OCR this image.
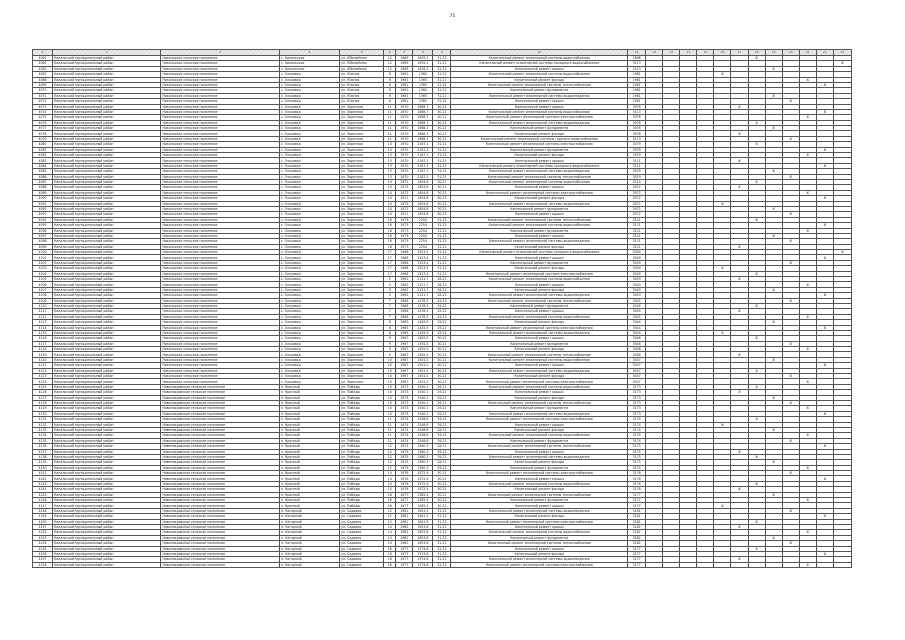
75
1	2	3	4	5	6	7	8	9	10	11	12	13	14	15	16	17	18	19	20	21	22	23
4061	Канальский муниципальный район	Никольское сельское поселение	с. Никольское	ул. Юбилейная	12	1969	1635.1	31.22	Капитальный ремонт инженерной системы водоснабжения	1898							X					
4062	Канальский муниципальный район	Никольское сельское поселение	с. Никольское	ул. Юбилейная	12	1969	1635.1	31.22	Капитальный ремонт инженерной системы холодного водоснабжения	3213												X
4063	Канальский муниципальный район	Никольское сельское поселение	с. Никольское	ул. Юбилейная	12	1969	1628.1	31.22	Капитальный ремонт крыши	3213								X				
4067	Канальский муниципальный район	Никольское сельское поселение	с. Ольховка	ул. Южная	6	1961	1365	31.22	Капитальный ремонт инженерной системы водоснабжения	1961					X							
4068	Канальский муниципальный район	Никольское сельское поселение	с. Ольховка	ул. Южная	6	1961	1365	31.22	Капитальный ремонт фасада	1961										X		
4069	Канальский муниципальный район	Никольское сельское поселение	с. Ольховка	ул. Южная	6	1961	1365	31.22	Капитальный ремонт инженерной системы теплоснабжения	1961											X	
4070	Канальский муниципальный район	Никольское сельское поселение	с. Ольховка	ул. Южная	6	1961	1365	31.22	Капитальный ремонт фундамента	1961												
4071	Канальский муниципальный район	Никольское сельское поселение	с. Ольховка	ул. Южная	6	1961	1365	31.22	Капитальный ремонт инженерной системы водоотведения	1961								X				
4072	Канальский муниципальный район	Никольское сельское поселение	с. Ольховка	ул. Южная	6	1961	1365	31.22	Капитальный ремонт крыши	1961									X			
4073	Канальский муниципальный район	Никольское сельское поселение	с. Ольховка	ул. Заречная	11	1970	1668.7	30.22	Капитальный ремонт крыши	3076						X						
4074	Канальский муниципальный район	Никольское сельское поселение	с. Ольховка	ул. Заречная	11	1970	1668.7	30.22	Капитальный ремонт инженерной системы водоснабжения	3113											X	
4075	Канальский муниципальный район	Никольское сельское поселение	с. Ольховка	ул. Заречная	11	1970	1668.7	30.22	Капитальный ремонт инженерной системы электроснабжения	3076										X		
4076	Канальский муниципальный район	Никольское сельское поселение	с. Ольховка	ул. Заречная	11	1970	1668.7	30.22	Капитальный ремонт инженерной системы водоотведения	3076							X					
4077	Канальский муниципальный район	Никольское сельское поселение	с. Ольховка	ул. Заречная	11	1970	1668.7	30.22	Капитальный ремонт фундамента	3076								X				
4078	Канальский муниципальный район	Никольское сельское поселение	с. Ольховка	ул. Заречная	11	1970	1668.7	30.22	Капитальный ремонт фасада	3076						X						
4079	Канальский муниципальный район	Никольское сельское поселение	с. Ольховка	ул. Заречная	11	1970	1668.7	30.22	Капитальный ремонт инженерной системы горячего водоснабжения	3113									X			
4080	Канальский муниципальный район	Никольское сельское поселение	с. Ольховка	ул. Заречная	13	1970	2167.1	31.22	Капитальный ремонт инженерной системы электроснабжения	3079							X					
4081	Канальский муниципальный район	Никольское сельское поселение	с. Ольховка	ул. Заречная	13	1970	2167.1	31.22	Капитальный ремонт фундамента	3079											X	
4082	Канальский муниципальный район	Никольское сельское поселение	с. Ольховка	ул. Заречная	13	1970	2167.1	31.22	Капитальный ремонт фасада	3079										X		
4083	Канальский муниципальный район	Никольское сельское поселение	с. Ольховка	ул. Заречная	13	1970	2167.1	31.22	Капитальный ремонт крыши	3111						X						
4084	Канальский муниципальный район	Никольское сельское поселение	с. Ольховка	ул. Заречная	13	1970	2167.1	31.22	Капитальный ремонт инженерной системы холодного водоснабжения	3111											X	
4085	Канальский муниципальный район	Никольское сельское поселение	с. Ольховка	ул. Заречная	13	1970	2167.1	31.22	Капитальный ремонт инженерной системы водоотведения	3079								X				
4086	Канальский муниципальный район	Никольское сельское поселение	с. Ольховка	ул. Заречная	13	1970	2167.1	31.22	Капитальный ремонт инженерной системы теплоснабжения	3079									X			
4087	Канальский муниципальный район	Никольское сельское поселение	с. Ольховка	ул. Заречная	14	1972	1654.8	30.22	Капитальный ремонт инженерной системы водоснабжения	3114							X					
4088	Канальский муниципальный район	Никольское сельское поселение	с. Ольховка	ул. Заречная	14	1972	1654.8	30.22	Капитальный ремонт крыши	3072						X						
4089	Канальский муниципальный район	Никольское сельское поселение	с. Ольховка	ул. Заречная	14	1972	1654.8	30.22	Капитальный ремонт инженерной системы электроснабжения	3072										X		
4090	Канальский муниципальный район	Никольское сельское поселение	с. Ольховка	ул. Заречная	14	1972	1654.8	30.22	Капитальный ремонт фасада	3072											X	
4091	Канальский муниципальный район	Никольское сельское поселение	с. Ольховка	ул. Заречная	14	1972	1654.8	30.22	Капитальный ремонт инженерной системы водоотведения	3072					X							
4092	Канальский муниципальный район	Никольское сельское поселение	с. Ольховка	ул. Заречная	14	1972	1654.8	30.22	Капитальный ремонт фундамента	3072								X				
4093	Канальский муниципальный район	Никольское сельское поселение	с. Ольховка	ул. Заречная	14	1972	1654.8	30.22	Капитальный ремонт крыши	3072									X			
4094	Канальский муниципальный район	Никольское сельское поселение	с. Ольховка	ул. Заречная	16	1973	2254	31.22	Капитальный ремонт инженерной системы теплоснабжения	3121							X					
4095	Канальский муниципальный район	Никольское сельское поселение	с. Ольховка	ул. Заречная	16	1973	2254	31.22	Капитальный ремонт инженерной системы водоснабжения	3121											X	
4096	Канальский муниципальный район	Никольское сельское поселение	с. Ольховка	ул. Заречная	16	1973	2254	31.22	Капитальный ремонт фундамента	3121										X		
4097	Канальский муниципальный район	Никольское сельское поселение	с. Ольховка	ул. Заречная	16	1973	2254	31.22	Капитальный ремонт крыши	3121								X				
4098	Канальский муниципальный район	Никольское сельское поселение	с. Ольховка	ул. Заречная	16	1973	2254	31.22	Капитальный ремонт инженерной системы водоотведения	3121									X			
4099	Канальский муниципальный район	Никольское сельское поселение	с. Ольховка	ул. Заречная	16	1973	2254	31.22	Капитальный ремонт фасада	3121						X						
4100	Канальский муниципальный район	Никольское сельское поселение	с. Ольховка	ул. Заречная	17	1968	1523.4	31.22	Капитальный ремонт инженерной системы холодного водоснабжения	3049												X
4101	Канальский муниципальный район	Никольское сельское поселение	с. Ольховка	ул. Заречная	17	1968	1523.4	31.22	Капитальный ремонт крыши	3049											X	
4102	Канальский муниципальный район	Никольское сельское поселение	с. Ольховка	ул. Заречная	17	1968	1523.4	31.22	Капитальный ремонт фундамента	3049									X			
4103	Канальский муниципальный район	Никольское сельское поселение	с. Ольховка	ул. Заречная	17	1968	1523.4	31.22	Капитальный ремонт фасада	3049					X							
4104	Канальский муниципальный район	Никольское сельское поселение	с. Ольховка	ул. Заречная	17	1968	1523.4	31.22	Капитальный ремонт инженерной системы электроснабжения	3049							X					
4105	Канальский муниципальный район	Никольское сельское поселение	с. Ольховка	ул. Заречная	5	1962	2121.7	28.22	Капитальный ремонт инженерной системы водоснабжения	3043						X						
4106	Канальский муниципальный район	Никольское сельское поселение	с. Ольховка	ул. Заречная	5	1962	2121.7	28.22	Капитальный ремонт крыши	3043										X		
4107	Канальский муниципальный район	Никольское сельское поселение	с. Ольховка	ул. Заречная	5	1962	2121.7	28.22	Капитальный ремонт фасада	3043								X				
4108	Канальский муниципальный район	Никольское сельское поселение	с. Ольховка	ул. Заречная	5	1962	2121.7	28.22	Капитальный ремонт инженерной системы водоотведения	3043											X	
4109	Канальский муниципальный район	Никольское сельское поселение	с. Ольховка	ул. Заречная	7	1966	1478.3	29.22	Капитальный ремонт инженерной системы теплоснабжения	3045									X			
4110	Канальский муниципальный район	Никольское сельское поселение	с. Ольховка	ул. Заречная	7	1966	1478.3	29.22	Капитальный ремонт фундамента	3045							X					
4111	Канальский муниципальный район	Никольское сельское поселение	с. Ольховка	ул. Заречная	7	1966	1478.3	29.22	Капитальный ремонт крыши	3045						X						
4112	Канальский муниципальный район	Никольское сельское поселение	с. Ольховка	ул. Заречная	7	1966	1478.3	29.22	Капитальный ремонт инженерной системы водоснабжения	3045										X		
4113	Канальский муниципальный район	Никольское сельское поселение	с. Ольховка	ул. Заречная	8	1965	1445.9	29.22	Капитальный ремонт фасада	3044								X				
4114	Канальский муниципальный район	Никольское сельское поселение	с. Ольховка	ул. Заречная	8	1965	1445.9	29.22	Капитальный ремонт инженерной системы электроснабжения	3044											X	
4115	Канальский муниципальный район	Никольское сельское поселение	с. Ольховка	ул. Заречная	8	1965	1445.9	29.22	Капитальный ремонт инженерной системы водоотведения	3044					X							
4116	Канальский муниципальный район	Никольское сельское поселение	с. Ольховка	ул. Заречная	9	1967	1492.5	30.22	Капитальный ремонт крыши	3046							X					
4117	Канальский муниципальный район	Никольское сельское поселение	с. Ольховка	ул. Заречная	9	1967	1492.5	30.22	Капитальный ремонт фундамента	3046									X			
4118	Канальский муниципальный район	Никольское сельское поселение	с. Ольховка	ул. Заречная	9	1967	1492.5	30.22	Капитальный ремонт фасада	3046										X		
4119	Канальский муниципальный район	Никольское сельское поселение	с. Ольховка	ул. Заречная	9	1967	1492.5	30.22	Капитальный ремонт инженерной системы теплоснабжения	3046						X						
4120	Канальский муниципальный район	Никольское сельское поселение	с. Ольховка	ул. Заречная	10	1967	1501.2	30.22	Капитальный ремонт инженерной системы водоснабжения	3047								X				
4121	Канальский муниципальный район	Никольское сельское поселение	с. Ольховка	ул. Заречная	10	1967	1501.2	30.22	Капитальный ремонт крыши	3047											X	
4122	Канальский муниципальный район	Никольское сельское поселение	с. Ольховка	ул. Заречная	10	1967	1501.2	30.22	Капитальный ремонт инженерной системы водоотведения	3047							X					
4123	Канальский муниципальный район	Никольское сельское поселение	с. Ольховка	ул. Заречная	10	1967	1501.2	30.22	Капитальный ремонт фасада	3047									X			
4124	Канальский муниципальный район	Никольское сельское поселение	с. Ольховка	ул. Заречная	10	1967	1501.2	30.22	Капитальный ремонт инженерной системы электроснабжения	3047										X		
4125	Канальский муниципальный район	Новопокровское сельское поселение	п. Красный	ул. Победы	10	1973	1540.1	29.22	Капитальный ремонт инженерной системы водоснабжения	3173							X					
4126	Канальский муниципальный район	Новопокровское сельское поселение	п. Красный	ул. Победы	10	1973	1540.1	29.22	Капитальный ремонт крыши	3173						X						
4127	Канальский муниципальный район	Новопокровское сельское поселение	п. Красный	ул. Победы	10	1973	1540.1	29.22	Капитальный ремонт фасада	3173								X				
4128	Канальский муниципальный район	Новопокровское сельское поселение	п. Красный	ул. Победы	10	1973	1540.1	29.22	Капитальный ремонт инженерной системы теплоснабжения	3173									X			
4129	Канальский муниципальный район	Новопокровское сельское поселение	п. Красный	ул. Победы	10	1973	1540.1	29.22	Капитальный ремонт фундамента	3173										X		
4130	Канальский муниципальный район	Новопокровское сельское поселение	п. Красный	ул. Победы	10	1973	1540.1	29.22	Капитальный ремонт инженерной системы водоотведения	3173											X	
4131	Канальский муниципальный район	Новопокровское сельское поселение	п. Красный	ул. Победы	11	1974	1548.6	29.22	Капитальный ремонт инженерной системы электроснабжения	3174							X					
4132	Канальский муниципальный район	Новопокровское сельское поселение	п. Красный	ул. Победы	11	1974	1548.6	29.22	Капитальный ремонт крыши	3174					X							
4133	Канальский муниципальный район	Новопокровское сельское поселение	п. Красный	ул. Победы	11	1974	1548.6	29.22	Капитальный ремонт фасада	3174								X				
4134	Канальский муниципальный район	Новопокровское сельское поселение	п. Красный	ул. Победы	11	1974	1548.6	29.22	Капитальный ремонт инженерной системы водоснабжения	3174										X		
4135	Канальский муниципальный район	Новопокровское сельское поселение	п. Красный	ул. Победы	11	1974	1548.6	29.22	Капитальный ремонт фундамента	3174									X			
4136	Канальский муниципальный район	Новопокровское сельское поселение	п. Красный	ул. Победы	12	1975	1560.3	29.22	Капитальный ремонт инженерной системы теплоснабжения	3175											X	
4137	Канальский муниципальный район	Новопокровское сельское поселение	п. Красный	ул. Победы	12	1975	1560.3	29.22	Капитальный ремонт крыши	3175						X						
4138	Канальский муниципальный район	Новопокровское сельское поселение	п. Красный	ул. Победы	12	1975	1560.3	29.22	Капитальный ремонт инженерной системы водоотведения	3175							X					
4139	Канальский муниципальный район	Новопокровское сельское поселение	п. Красный	ул. Победы	12	1975	1560.3	29.22	Капитальный ремонт фасада	3175								X				
4140	Канальский муниципальный район	Новопокровское сельское поселение	п. Красный	ул. Победы	12	1975	1560.3	29.22	Капитальный ремонт фундамента	3175										X		
4141	Канальский муниципальный район	Новопокровское сельское поселение	п. Красный	ул. Победы	14	1976	1572.9	30.22	Капитальный ремонт инженерной системы электроснабжения	3176									X			
4142	Канальский муниципальный район	Новопокровское сельское поселение	п. Красный	ул. Победы	14	1976	1572.9	30.22	Капитальный ремонт крыши	3176											X	
4143	Канальский муниципальный район	Новопокровское сельское поселение	п. Красный	ул. Победы	14	1976	1572.9	30.22	Капитальный ремонт инженерной системы водоснабжения	3176							X					
4144	Канальский муниципальный район	Новопокровское сельское поселение	п. Красный	ул. Победы	14	1976	1572.9	30.22	Капитальный ремонт фасада	3176						X						
4145	Канальский муниципальный район	Новопокровское сельское поселение	п. Красный	ул. Победы	16	1977	1585.4	30.22	Капитальный ремонт инженерной системы теплоснабжения	3177								X				
4146	Канальский муниципальный район	Новопокровское сельское поселение	п. Красный	ул. Победы	16	1977	1585.4	30.22	Капитальный ремонт фундамента	3177										X		
4147	Канальский муниципальный район	Новопокровское сельское поселение	п. Красный	ул. Победы	16	1977	1585.4	30.22	Капитальный ремонт крыши	3177					X							
4148	Канальский муниципальный район	Новопокровское сельское поселение	п. Нагорный	ул. Садовая	12	1981	1641.5	31.22	Капитальный ремонт инженерной системы водоотведения	3181									X			
4149	Канальский муниципальный район	Новопокровское сельское поселение	п. Нагорный	ул. Садовая	12	1981	1641.5	31.22	Капитальный ремонт фасада	3181											X	
4150	Канальский муниципальный район	Новопокровское сельское поселение	п. Нагорный	ул. Садовая	12	1981	1641.5	31.22	Капитальный ремонт инженерной системы электроснабжения	3181							X					
4151	Канальский муниципальный район	Новопокровское сельское поселение	п. Нагорный	ул. Садовая	14	1982	1653.8	31.22	Капитальный ремонт крыши	3182						X						
4152	Канальский муниципальный район	Новопокровское сельское поселение	п. Нагорный	ул. Садовая	14	1982	1653.8	31.22	Капитальный ремонт инженерной системы водоснабжения	3182										X		
4153	Канальский муниципальный район	Новопокровское сельское поселение	п. Нагорный	ул. Садовая	14	1982	1653.8	31.22	Капитальный ремонт фундамента	3182								X				
4154	Канальский муниципальный район	Новопокровское сельское поселение	п. Нагорный	ул. Садовая	14	1982	1653.8	31.22	Капитальный ремонт инженерной системы теплоснабжения	3182									X			
4155	Канальский муниципальный район	Новопокровское сельское поселение	п. Нагорный	ул. Садовая	16	1977	1574.6	31.22	Капитальный ремонт крыши	3177							X					
4156	Канальский муниципальный район	Новопокровское сельское поселение	п. Нагорный	ул. Садовая	16	1977	1574.6	31.22	Капитальный ремонт фасада	3177											X	
4157	Канальский муниципальный район	Новопокровское сельское поселение	п. Нагорный	ул. Садовая	16	1977	1574.6	31.22	Капитальный ремонт инженерной системы водоотведения	3177						X						
4158	Канальский муниципальный район	Новопокровское сельское поселение	п. Нагорный	ул. Садовая	16	1977	1574.6	31.22	Капитальный ремонт инженерной системы электроснабжения	3177										X		
